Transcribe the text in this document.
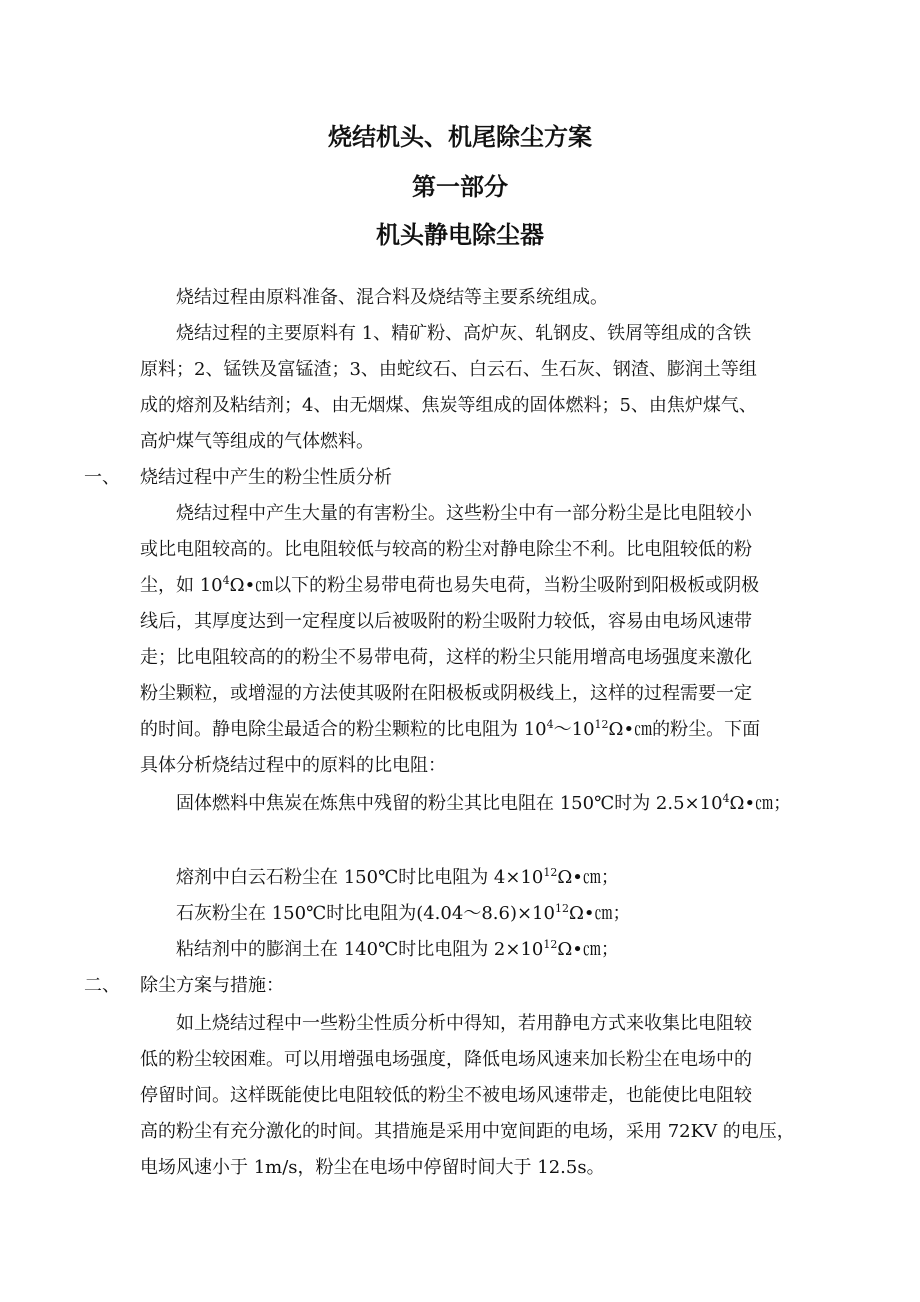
烧结机头、机尾除尘方案
第一部分
机头静电除尘器
烧结过程由原料准备、混合料及烧结等主要系统组成。
烧结过程的主要原料有 1、精矿粉、高炉灰、轧钢皮、铁屑等组成的含铁
原料；2、锰铁及富锰渣；3、由蛇纹石、白云石、生石灰、钢渣、膨润土等组
成的熔剂及粘结剂；4、由无烟煤、焦炭等组成的固体燃料；5、由焦炉煤气、
高炉煤气等组成的气体燃料。
一、 烧结过程中产生的粉尘性质分析
烧结过程中产生大量的有害粉尘。这些粉尘中有一部分粉尘是比电阻较小
或比电阻较高的。比电阻较低与较高的粉尘对静电除尘不利。比电阻较低的粉
尘，如 $10^4\Omega•㎝$以下的粉尘易带电荷也易失电荷，当粉尘吸附到阳极板或阴极
线后，其厚度达到一定程度以后被吸附的粉尘吸附力较低，容易由电场风速带
走；比电阻较高的的粉尘不易带电荷，这样的粉尘只能用增高电场强度来激化
粉尘颗粒，或增湿的方法使其吸附在阳极板或阴极线上，这样的过程需要一定
的时间。静电除尘最适合的粉尘颗粒的比电阻为 $10^4\sim 10^{12}\Omega•㎝$的粉尘。下面
具体分析烧结过程中的原料的比电阻：
固体燃料中焦炭在炼焦中残留的粉尘其比电阻在 150℃时为 $2.5\times 10^4\Omega•㎝$；
熔剂中白云石粉尘在 150℃时比电阻为 $4\times 10^{12}\Omega•㎝$；
石灰粉尘在 150℃时比电阻为$(4.04\sim 8.6)\times 10^{12}\Omega•㎝$；
粘结剂中的膨润土在 140℃时比电阻为 $2\times 10^{12}\Omega•㎝$；
二、 除尘方案与措施：
如上烧结过程中一些粉尘性质分析中得知，若用静电方式来收集比电阻较
低的粉尘较困难。可以用增强电场强度，降低电场风速来加长粉尘在电场中的
停留时间。这样既能使比电阻较低的粉尘不被电场风速带走，也能使比电阻较
高的粉尘有充分激化的时间。其措施是采用中宽间距的电场，采用 72KV 的电压，
电场风速小于 1m/s，粉尘在电场中停留时间大于 12.5s。
